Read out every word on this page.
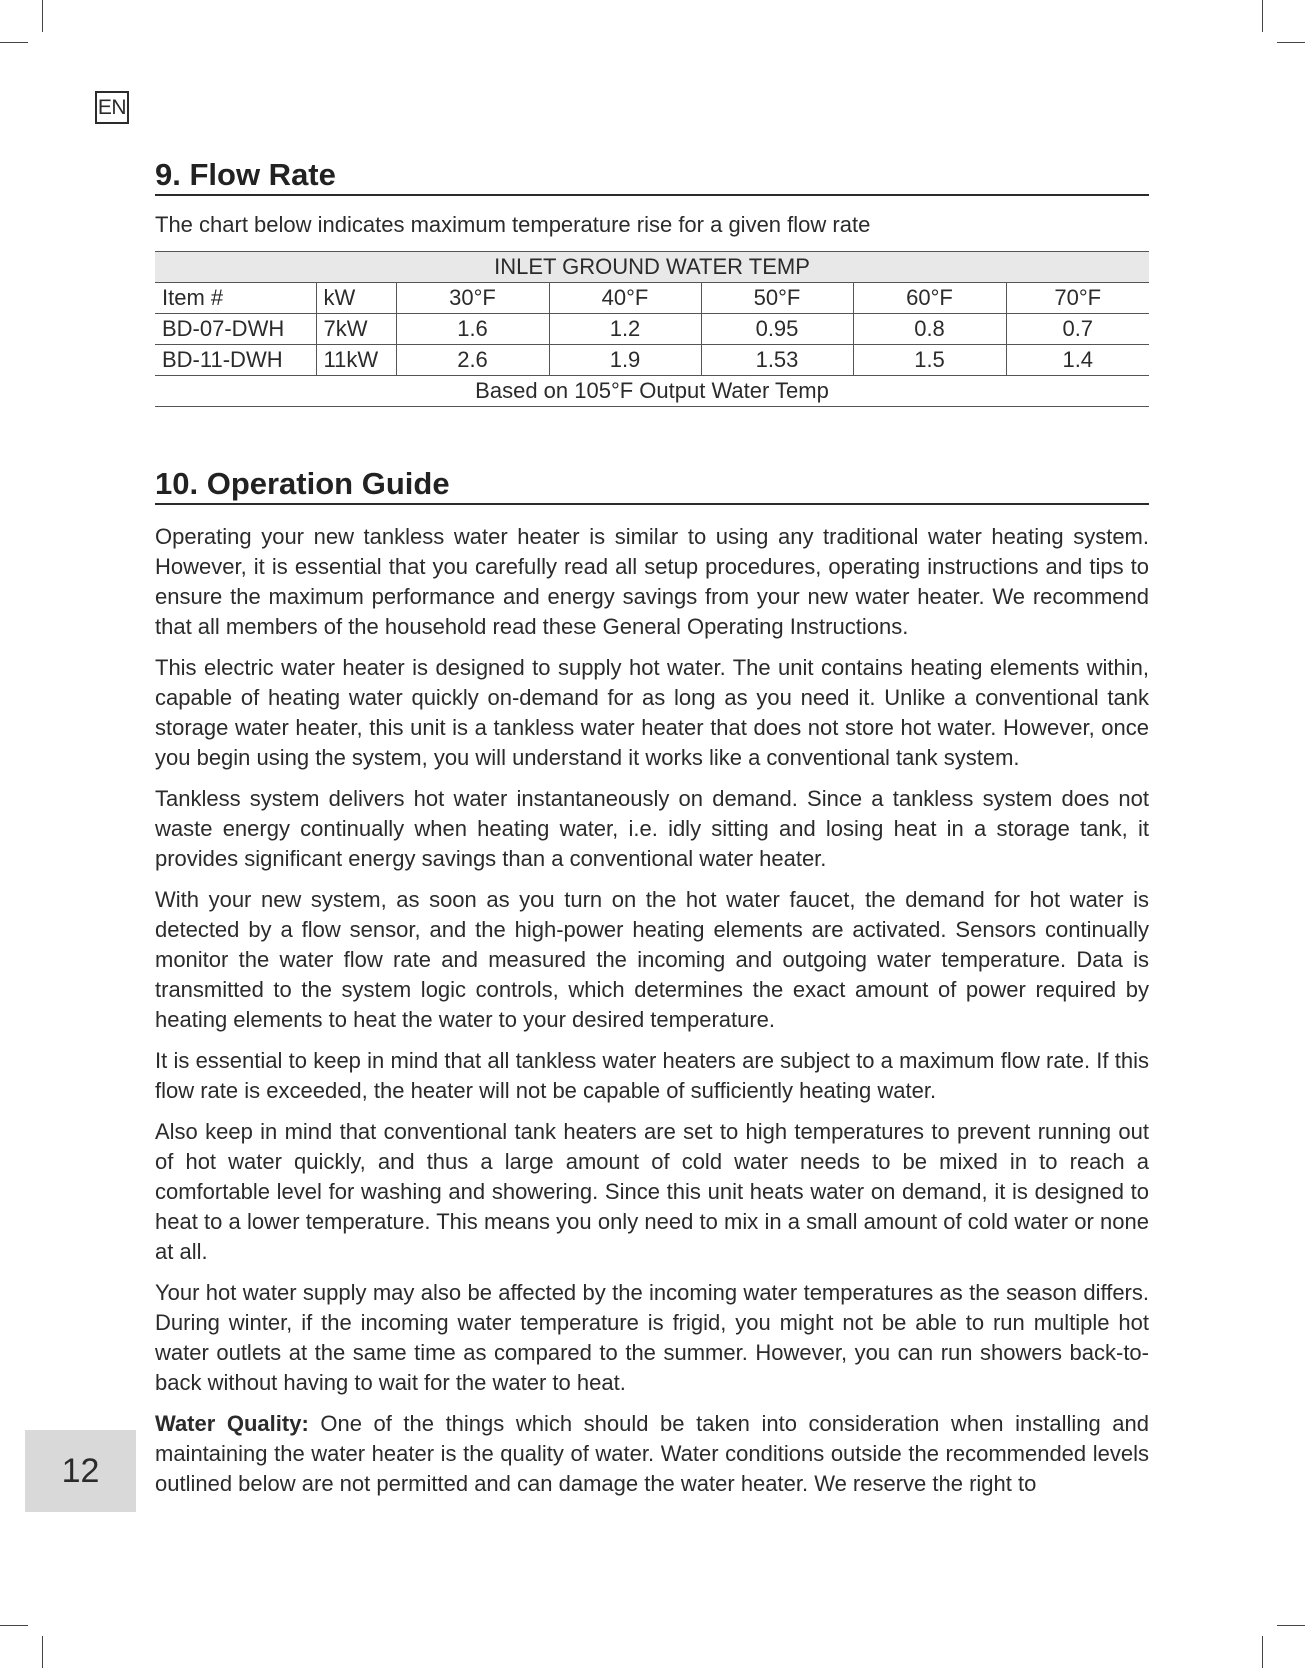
EN
9. Flow Rate
The chart below indicates maximum temperature rise for a given flow rate
INLET GROUND WATER TEMP						
Item #	kW	30°F	40°F	50°F	60°F	70°F
BD-07-DWH	7kW	1.6	1.2	0.95	0.8	0.7
BD-11-DWH	11kW	2.6	1.9	1.53	1.5	1.4
Based on 105°F Output Water Temp						
10. Operation Guide

Operating your new tankless water heater is similar to using any traditional water heating system. However, it is essential that you carefully read all setup procedures, operating instructions and tips to ensure the maximum performance and energy savings from your new water heater. We recommend that all members of the household read these General Operating Instructions.

This electric water heater is designed to supply hot water. The unit contains heating elements within, capable of heating water quickly on-demand for as long as you need it. Unlike a conventional tank storage water heater, this unit is a tankless water heater that does not store hot water. However, once you begin using the system, you will understand it works like a conventional tank system.

Tankless system delivers hot water instantaneously on demand. Since a tankless system does not waste energy continually when heating water, i.e. idly sitting and losing heat in a storage tank, it provides significant energy savings than a conventional water heater.

With your new system, as soon as you turn on the hot water faucet, the demand for hot water is detected by a flow sensor, and the high-power heating elements are activated. Sensors continually monitor the water flow rate and measured the incoming and outgoing water temperature. Data is transmitted to the system logic controls, which determines the exact amount of power required by heating elements to heat the water to your desired temperature.

It is essential to keep in mind that all tankless water heaters are subject to a maximum flow rate. If this flow rate is exceeded, the heater will not be capable of sufficiently heating water.

Also keep in mind that conventional tank heaters are set to high temperatures to prevent running out of hot water quickly, and thus a large amount of cold water needs to be mixed in to reach a comfortable level for washing and showering. Since this unit heats water on demand, it is designed to heat to a lower temperature. This means you only need to mix in a small amount of cold water or none at all.

Your hot water supply may also be affected by the incoming water temperatures as the season differs. During winter, if the incoming water temperature is frigid, you might not be able to run multiple hot water outlets at the same time as compared to the summer. However, you can run showers back-to-back without having to wait for the water to heat.

Water Quality: One of the things which should be taken into consideration when installing and maintaining the water heater is the quality of water. Water conditions outside the recommended levels outlined below are not permitted and can damage the water heater. We reserve the right to

12
